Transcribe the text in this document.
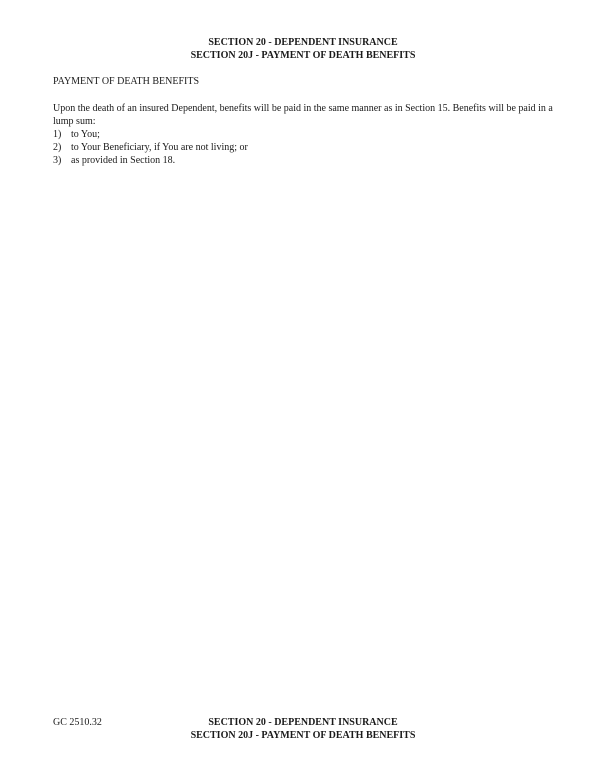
SECTION 20 - DEPENDENT INSURANCE
SECTION 20J - PAYMENT OF DEATH BENEFITS
PAYMENT OF DEATH BENEFITS
Upon the death of an insured Dependent, benefits will be paid in the same manner as in Section 15. Benefits will be paid in a lump sum:
1) to You;
2) to Your Beneficiary, if You are not living; or
3) as provided in Section 18.
GC 2510.32	SECTION 20 - DEPENDENT INSURANCE
SECTION 20J - PAYMENT OF DEATH BENEFITS
